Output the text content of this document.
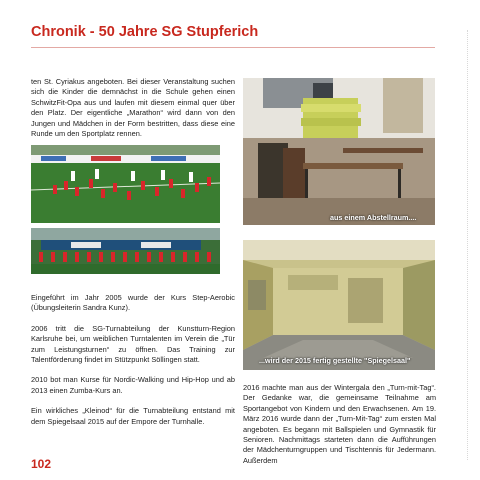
Chronik - 50 Jahre SG Stupferich

ten St. Cyriakus angeboten. Bei dieser Veranstaltung suchen sich die Kinder die demnächst in die Schule gehen einen SchwitzFit-Opa aus und laufen mit diesem einmal quer über den Platz. Der eigentliche „Marathon“ wird dann von den Jungen und Mädchen in der Form bestritten, dass diese eine Runde um den Sportplatz rennen.

Eingeführt im Jahr 2005 wurde der Kurs Step-Aerobic (Übungsleiterin Sandra Kunz).

2006 tritt die SG-Turnabteilung der Kunstturn-Region Karlsruhe bei, um weiblichen Turntalenten im Verein die „Tür zum Leistungsturnen“ zu öffnen. Das Training zur Talentförderung findet im Stützpunkt Söllingen statt.

2010 bot man Kurse für Nordic-Walking und Hip-Hop und ab 2013 einen Zumba-Kurs an.

Ein wirkliches „Kleinod“ für die Turnabteilung entstand mit dem Spiegelsaal 2015 auf der Empore der Turnhalle.

aus einem Abstellraum....
...wird der 2015 fertig gestellte "Spiegelsaal"

2016 machte man aus der Wintergala den „Turn-mit-Tag“. Der Gedanke war, die gemeinsame Teilnahme am Sportangebot von Kindern und den Erwachsenen. Am 19. März 2016 wurde dann der „Turn-Mit-Tag“ zum ersten Mal angeboten. Es begann mit Ballspielen und Gymnastik für Senioren. Nachmittags starteten dann die Aufführungen der Mädchenturngruppen und Tischtennis für Jedermann. Außerdem

102
